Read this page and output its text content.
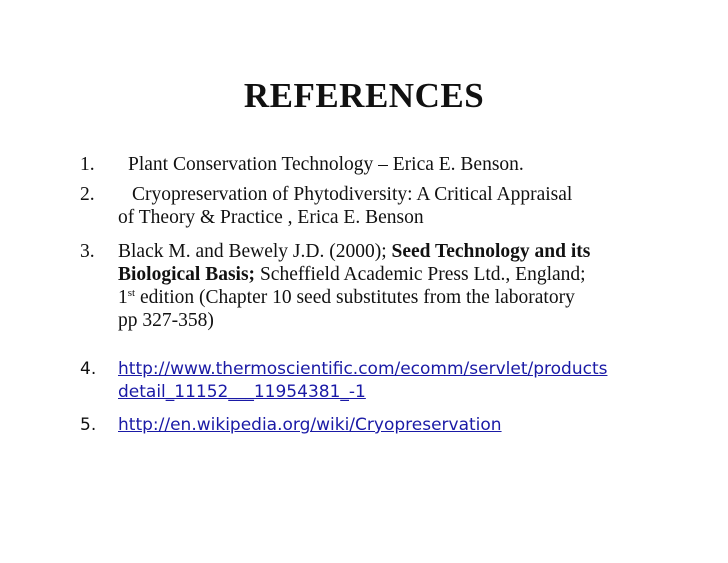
REFERENCES
1. Plant Conservation Technology – Erica E. Benson.
2.	Cryopreservation of Phytodiversity: A Critical Appraisal
of Theory & Practice , Erica E. Benson
3. Black M. and Bewely J.D. (2000); Seed Technology and its
Biological Basis; Scheffield Academic Press Ltd., England;
1st edition (Chapter 10 seed substitutes from the laboratory
pp 327-358)
4. http://www.thermoscientific.com/ecomm/servlet/products
detail_11152___11954381_-1
5. http://en.wikipedia.org/wiki/Cryopreservation
